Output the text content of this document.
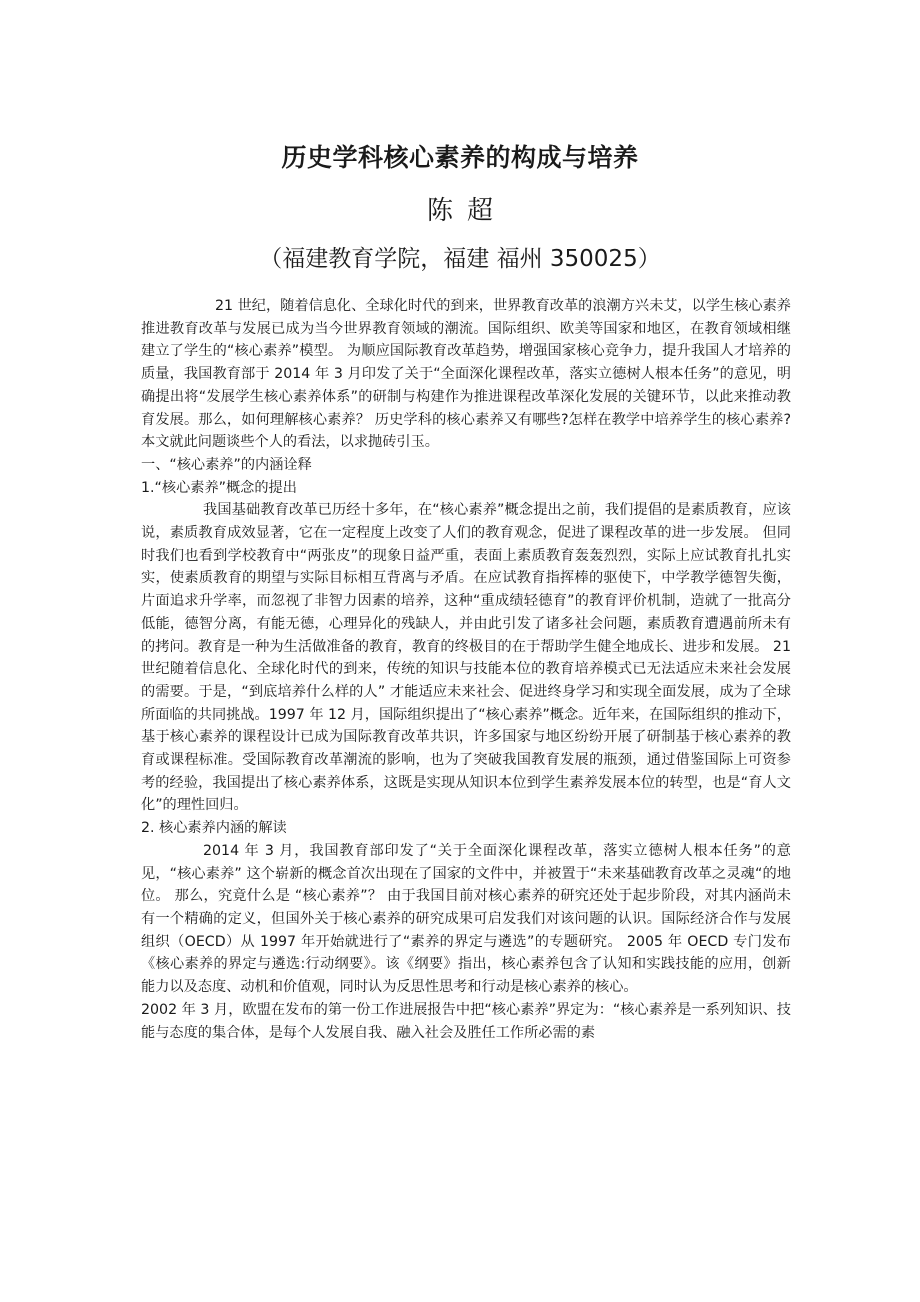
历史学科核心素养的构成与培养
陈超
（福建教育学院，福建 福州 350025）

21 世纪，随着信息化、全球化时代的到来，世界教育改革的浪潮方兴未艾，以学生核心素养推进教育改革与发展已成为当今世界教育领域的潮流。国际组织、欧美等国家和地区，在教育领域相继建立了学生的“核心素养”模型。 为顺应国际教育改革趋势，增强国家核心竞争力，提升我国人才培养的质量，我国教育部于 2014 年 3 月印发了关于“全面深化课程改革，落实立德树人根本任务”的意见，明确提出将“发展学生核心素养体系”的研制与构建作为推进课程改革深化发展的关键环节，以此来推动教育发展。那么，如何理解核心素养？ 历史学科的核心素养又有哪些?怎样在教学中培养学生的核心素养?本文就此问题谈些个人的看法，以求抛砖引玉。

一、“核心素养”的内涵诠释

1.“核心素养”概念的提出

我国基础教育改革已历经十多年，在“核心素养”概念提出之前，我们提倡的是素质教育，应该说，素质教育成效显著，它在一定程度上改变了人们的教育观念，促进了课程改革的进一步发展。 但同时我们也看到学校教育中“两张皮”的现象日益严重，表面上素质教育轰轰烈烈，实际上应试教育扎扎实实，使素质教育的期望与实际目标相互背离与矛盾。在应试教育指挥棒的驱使下，中学教学德智失衡，片面追求升学率，而忽视了非智力因素的培养，这种“重成绩轻德育”的教育评价机制，造就了一批高分低能，德智分离，有能无德，心理异化的残缺人，并由此引发了诸多社会问题，素质教育遭遇前所未有的拷问。教育是一种为生活做准备的教育，教育的终极目的在于帮助学生健全地成长、进步和发展。 21 世纪随着信息化、全球化时代的到来，传统的知识与技能本位的教育培养模式已无法适应未来社会发展的需要。于是，“到底培养什么样的人” 才能适应未来社会、促进终身学习和实现全面发展，成为了全球所面临的共同挑战。1997 年 12 月，国际组织提出了“核心素养”概念。近年来，在国际组织的推动下，基于核心素养的课程设计已成为国际教育改革共识，许多国家与地区纷纷开展了研制基于核心素养的教育或课程标准。受国际教育改革潮流的影响，也为了突破我国教育发展的瓶颈，通过借鉴国际上可资参考的经验，我国提出了核心素养体系，这既是实现从知识本位到学生素养发展本位的转型，也是“育人文化”的理性回归。

2. 核心素养内涵的解读

2014 年 3 月，我国教育部印发了“关于全面深化课程改革，落实立德树人根本任务”的意见，“核心素养” 这个崭新的概念首次出现在了国家的文件中，并被置于“未来基础教育改革之灵魂“的地位。 那么，究竟什么是 “核心素养”？ 由于我国目前对核心素养的研究还处于起步阶段，对其内涵尚未有一个精确的定义，但国外关于核心素养的研究成果可启发我们对该问题的认识。国际经济合作与发展组织（OECD）从 1997 年开始就进行了“素养的界定与遴选”的专题研究。 2005 年 OECD 专门发布《核心素养的界定与遴选:行动纲要》。该《纲要》指出，核心素养包含了认知和实践技能的应用，创新能力以及态度、动机和价值观，同时认为反思性思考和行动是核心素养的核心。

2002 年 3 月，欧盟在发布的第一份工作进展报告中把“核心素养”界定为：“核心素养是一系列知识、技能与态度的集合体，是每个人发展自我、融入社会及胜任工作所必需的素
